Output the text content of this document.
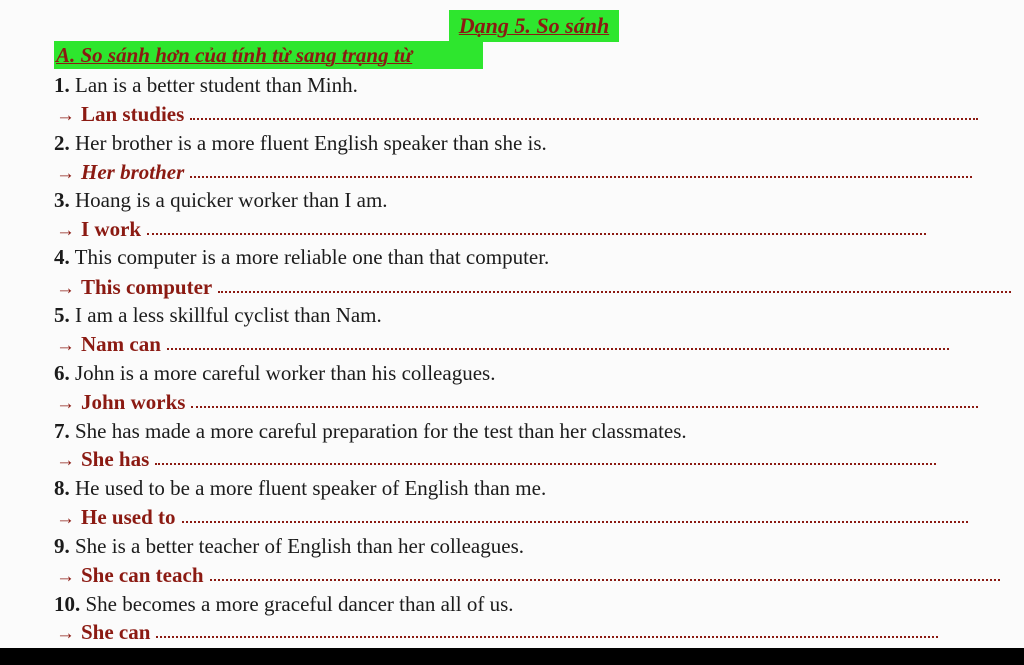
Dạng 5. So sánh
A. So sánh hơn của tính từ sang trạng từ
1. Lan is a better student than Minh.
→ Lan studies
2. Her brother is a more fluent English speaker than she is.
→ Her brother
3. Hoang is a quicker worker than I am.
→ I work
4. This computer is a more reliable one than that computer.
→ This computer
5. I am a less skillful cyclist than Nam.
→ Nam can
6. John is a more careful worker than his colleagues.
→ John works
7. She has made a more careful preparation for the test than her classmates.
→ She has
8. He used to be a more fluent speaker of English than me.
→ He used to
9. She is a better teacher of English than her colleagues.
→ She can teach
10. She becomes a more graceful dancer than all of us.
→ She can
